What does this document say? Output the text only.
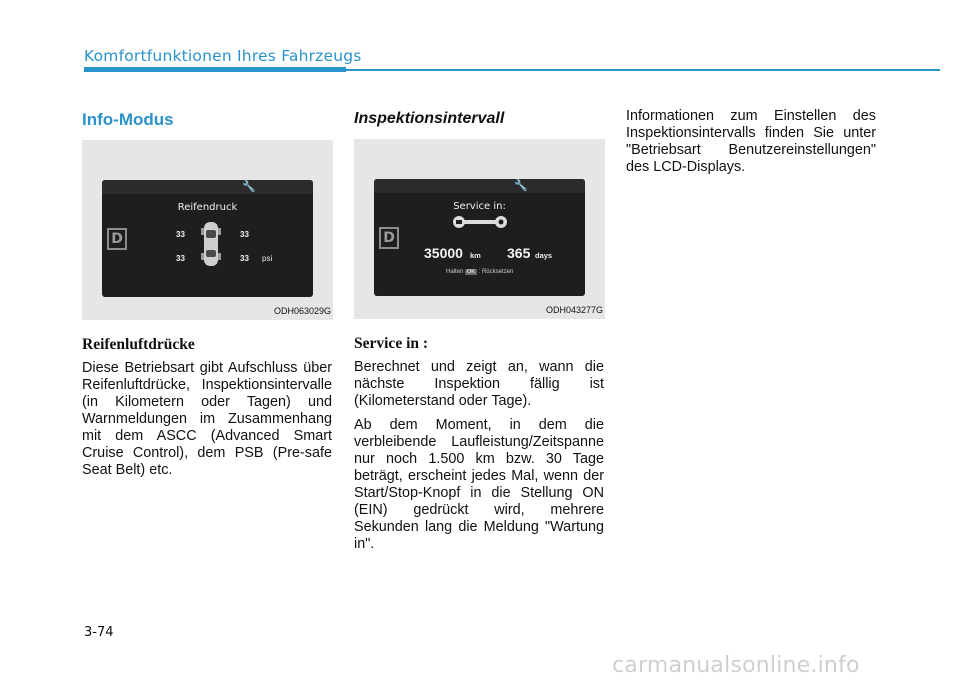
Komfortfunktionen Ihres Fahrzeugs
Info-Modus
🔧
Reifendruck
D	33	33
33	33 psi
ODH063029G
Reifenluftdrücke

Diese Betriebsart gibt Aufschluss über Reifenluftdrücke, Inspektionsintervalle (in Kilometern oder Tagen) und Warnmeldungen im Zusammenhang mit dem ASCC (Advanced Smart Cruise Control), dem PSB (Pre-safe Seat Belt) etc.

Inspektionsintervall
🔧
Service in:
D
35000 km 365 days
Halten OK : Rücksetzen
ODH043277G
Service in :

Berechnet und zeigt an, wann die nächste Inspektion fällig ist (Kilometerstand oder Tage).

Ab dem Moment, in dem die verbleibende Laufleistung/Zeitspanne nur noch 1.500 km bzw. 30 Tage beträgt, erscheint jedes Mal, wenn der Start/Stop-Knopf in die Stellung ON (EIN) gedrückt wird, mehrere Sekunden lang die Meldung "Wartung in".

Informationen zum Einstellen des Inspektionsintervalls finden Sie unter "Betriebsart Benutzereinstellungen" des LCD-Displays.

3-74
carmanualsonline.info
